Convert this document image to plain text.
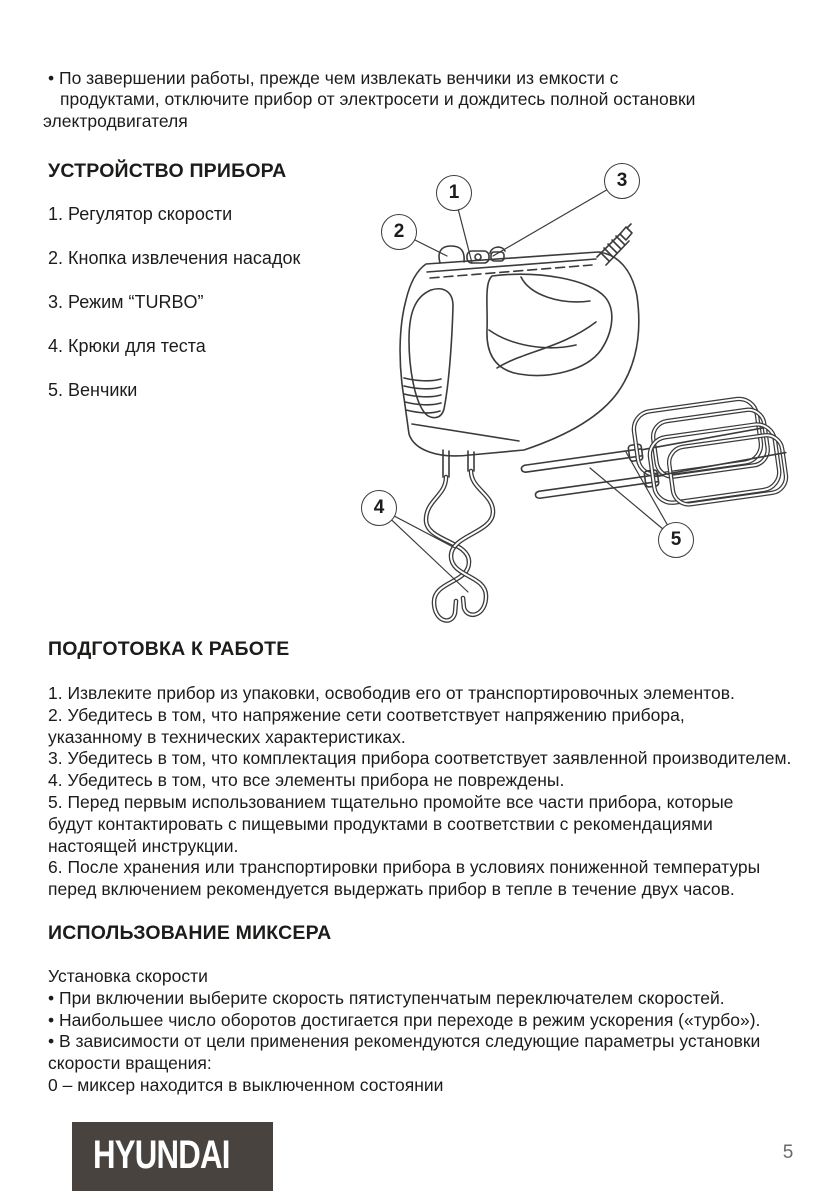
• По завершении работы, прежде чем извлекать венчики из емкости с
продуктами, отключите прибор от электросети и дождитесь полной остановки
электродвигателя

УСТРОЙСТВО ПРИБОРА
1. Регулятор скорости
2. Кнопка извлечения насадок
3. Режим “TURBO”
4. Крюки для теста
5. Венчики
1
2
3
4
5
ПОДГОТОВКА К РАБОТЕ
1. Извлеките прибор из упаковки, освободив его от транспортировочных элементов.
2. Убедитесь в том, что напряжение сети соответствует напряжению прибора,
указанному в технических характеристиках.
3. Убедитесь в том, что комплектация прибора соответствует заявленной производителем.
4. Убедитесь в том, что все элементы прибора не повреждены.
5. Перед первым использованием тщательно промойте все части прибора, которые
будут контактировать с пищевыми продуктами в соответствии с рекомендациями
настоящей инструкции.
6. После хранения или транспортировки прибора в условиях пониженной температуры
перед включением рекомендуется выдержать прибор в тепле в течение двух часов.
ИСПОЛЬЗОВАНИЕ МИКСЕРА
Установка скорости
• При включении выберите скорость пятиступенчатым переключателем скоростей.
• Наибольшее число оборотов достигается при переходе в режим ускорения («турбо»).
• В зависимости от цели применения рекомендуются следующие параметры установки
скорости вращения:
0 – миксер находится в выключенном состоянии
HYUNDAI	5
